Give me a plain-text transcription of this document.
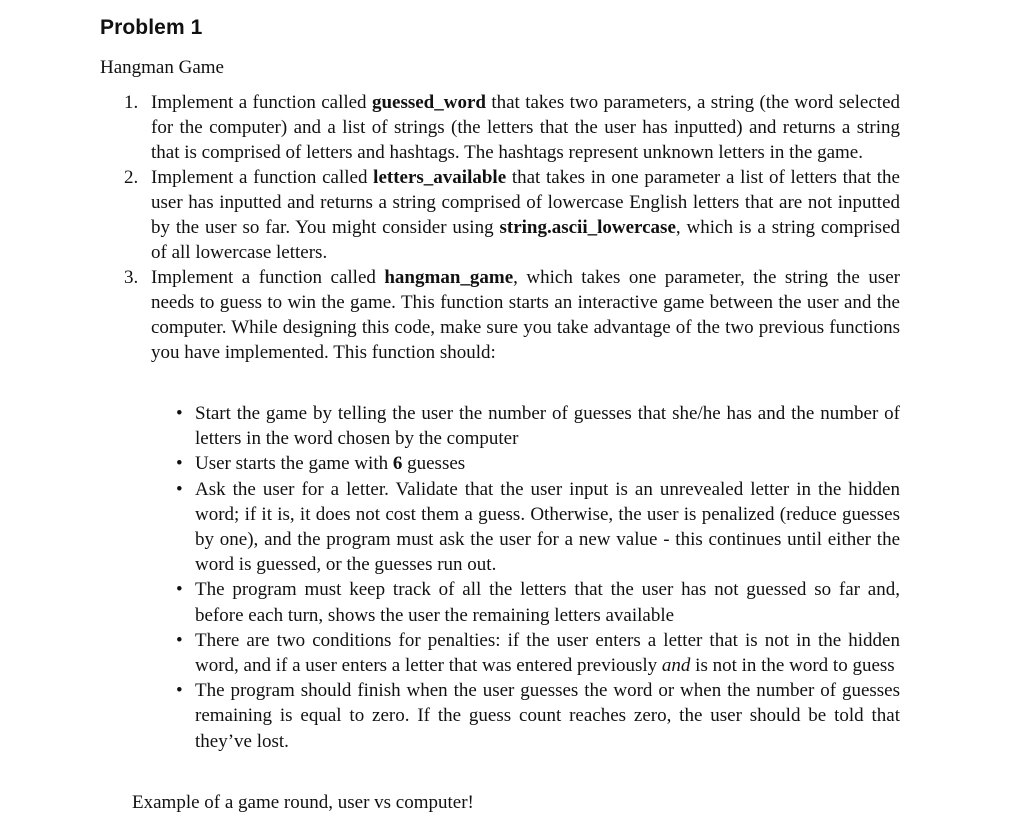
Problem 1
Hangman Game
1. Implement a function called guessed_word that takes two parameters, a string (the word selected for the computer) and a list of strings (the letters that the user has inputted) and returns a string that is comprised of letters and hashtags. The hashtags represent unknown letters in the game.
2. Implement a function called letters_available that takes in one parameter a list of letters that the user has inputted and returns a string comprised of lowercase English letters that are not inputted by the user so far. You might consider using string.ascii_lowercase, which is a string comprised of all lowercase letters.
3. Implement a function called hangman_game, which takes one parameter, the string the user needs to guess to win the game. This function starts an interactive game between the user and the computer. While designing this code, make sure you take advantage of the two previous functions you have implemented. This function should:
• Start the game by telling the user the number of guesses that she/he has and the number of letters in the word chosen by the computer
• User starts the game with 6 guesses
• Ask the user for a letter. Validate that the user input is an unrevealed letter in the hidden word; if it is, it does not cost them a guess. Otherwise, the user is penalized (reduce guesses by one), and the program must ask the user for a new value - this continues until either the word is guessed, or the guesses run out.
• The program must keep track of all the letters that the user has not guessed so far and, before each turn, shows the user the remaining letters available
• There are two conditions for penalties: if the user enters a letter that is not in the hidden word, and if a user enters a letter that was entered previously and is not in the word to guess
• The program should finish when the user guesses the word or when the number of guesses remaining is equal to zero. If the guess count reaches zero, the user should be told that they’ve lost.
Example of a game round, user vs computer!
